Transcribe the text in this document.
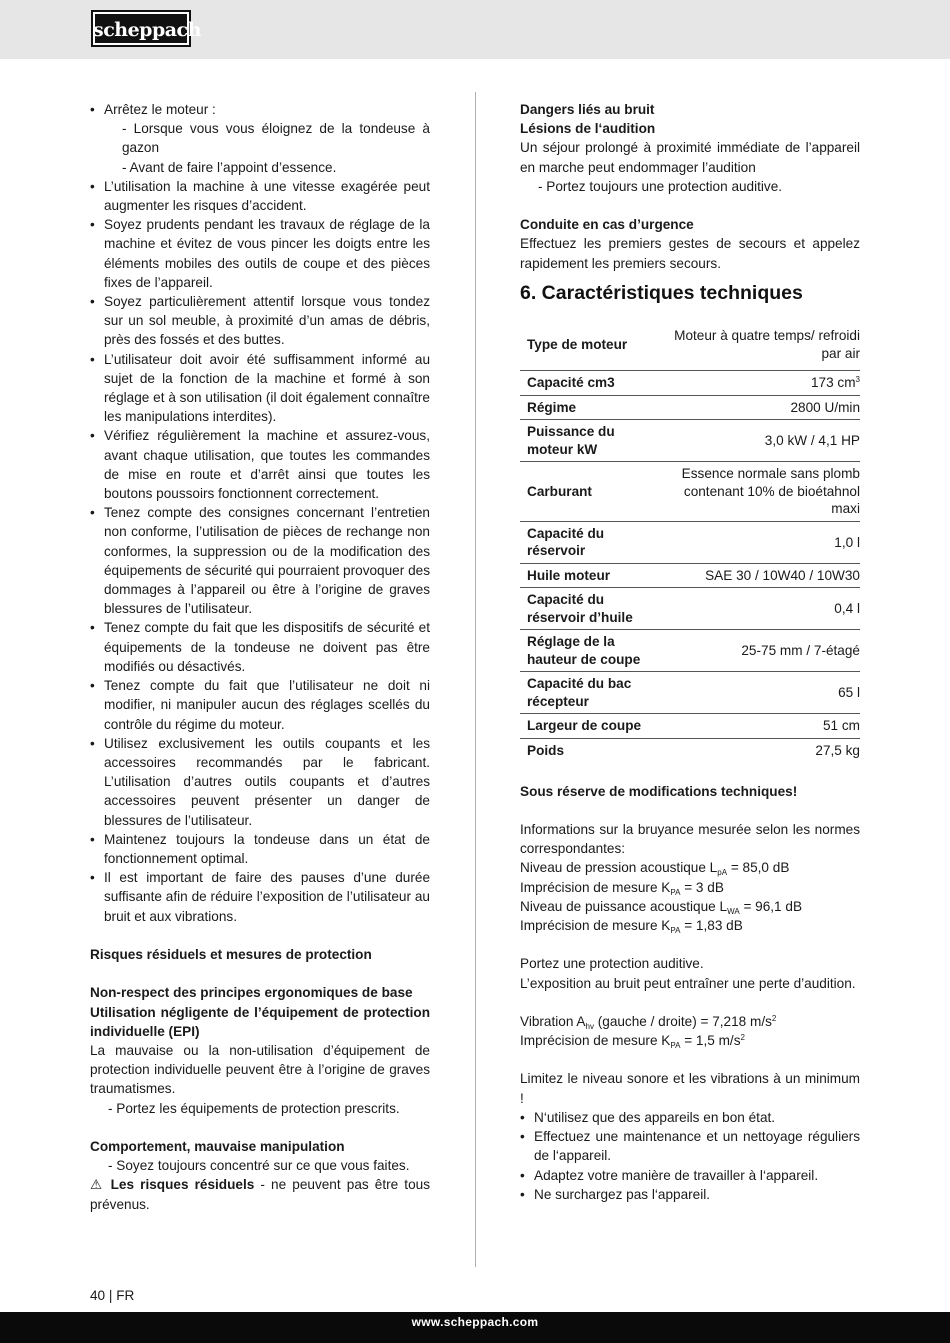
scheppach
• Arrêtez le moteur :
- Lorsque vous vous éloignez de la tondeuse à gazon
- Avant de faire l’appoint d’essence.
• L’utilisation la machine à une vitesse exagérée peut augmenter les risques d’accident.
• Soyez prudents pendant les travaux de réglage de la machine et évitez de vous pincer les doigts entre les éléments mobiles des outils de coupe et des pièces fixes de l’appareil.
• Soyez particulièrement attentif lorsque vous tondez sur un sol meuble, à proximité d’un amas de débris, près des fossés et des buttes.
• L’utilisateur doit avoir été suffisamment informé au sujet de la fonction de la machine et formé à son réglage et à son utilisation (il doit également connaître les manipulations interdites).
• Vérifiez régulièrement la machine et assurez-vous, avant chaque utilisation, que toutes les commandes de mise en route et d’arrêt ainsi que toutes les boutons poussoirs fonctionnent correctement.
• Tenez compte des consignes concernant l’entretien non conforme, l’utilisation de pièces de rechange non conformes, la suppression ou de la modification des équipements de sécurité qui pourraient provoquer des dommages à l’appareil ou être à l’origine de graves blessures de l’utilisateur.
• Tenez compte du fait que les dispositifs de sécurité et équipements de la tondeuse ne doivent pas être modifiés ou désactivés.
• Tenez compte du fait que l’utilisateur ne doit ni modifier, ni manipuler aucun des réglages scellés du contrôle du régime du moteur.
• Utilisez exclusivement les outils coupants et les accessoires recommandés par le fabricant. L’utilisation d’autres outils coupants et d’autres accessoires peuvent présenter un danger de blessures de l’utilisateur.
• Maintenez toujours la tondeuse dans un état de fonctionnement optimal.
• Il est important de faire des pauses d’une durée suffisante afin de réduire l’exposition de l’utilisateur au bruit et aux vibrations.

Risques résiduels et mesures de protection

Non-respect des principes ergonomiques de base

Utilisation négligente de l’équipement de protection individuelle (EPI)

La mauvaise ou la non-utilisation d’équipement de protection individuelle peuvent être à l’origine de graves traumatismes.

- Portez les équipements de protection prescrits.

Comportement, mauvaise manipulation

- Soyez toujours concentré sur ce que vous faites.

⚠ Les risques résiduels - ne peuvent pas être tous prévenus.

Dangers liés au bruit

Lésions de l‘audition

Un séjour prolongé à proximité immédiate de l’appareil en marche peut endommager l’audition

- Portez toujours une protection auditive.

Conduite en cas d’urgence

Effectuez les premiers gestes de secours et appelez rapidement les premiers secours.

6. Caractéristiques techniques
Type de moteur	Moteur à quatre temps/ refroidi par air
Capacité cm3	173 $cm^3$
Régime	2800 U/min
Puissance du moteur kW	3,0 kW / 4,1 HP
Carburant	Essence normale sans plomb contenant 10% de bioétahnol maxi
Capacité du réservoir	1,0 l
Huile moteur	SAE 30 / 10W40 / 10W30
Capacité du réservoir d’huile	0,4 l
Réglage de la hauteur de coupe	25-75 mm / 7-étagé
Capacité du bac récepteur	65 l
Largeur de coupe	51 cm
Poids	27,5 kg

Sous réserve de modifications techniques!

Informations sur la bruyance mesurée selon les normes correspondantes:

Niveau de pression acoustique $L_{pA} = 85,0$ dB

Imprécision de mesure $K_{PA} = 3$ dB

Niveau de puissance acoustique $L_{WA} = 96,1$ dB

Imprécision de mesure $K_{PA} = 1,83$ dB

Portez une protection auditive.

L’exposition au bruit peut entraîner une perte d’audition.

Vibration $A_{hv}$ (gauche / droite) = 7,218 $m/s^2$

Imprécision de mesure $K_{PA} = 1,5$ $m/s^2$

Limitez le niveau sonore et les vibrations à un minimum !

• N‘utilisez que des appareils en bon état.
• Effectuez une maintenance et un nettoyage réguliers de l‘appareil.
• Adaptez votre manière de travailler à l‘appareil.
• Ne surchargez pas l‘appareil.
40 | FR
www.scheppach.com
